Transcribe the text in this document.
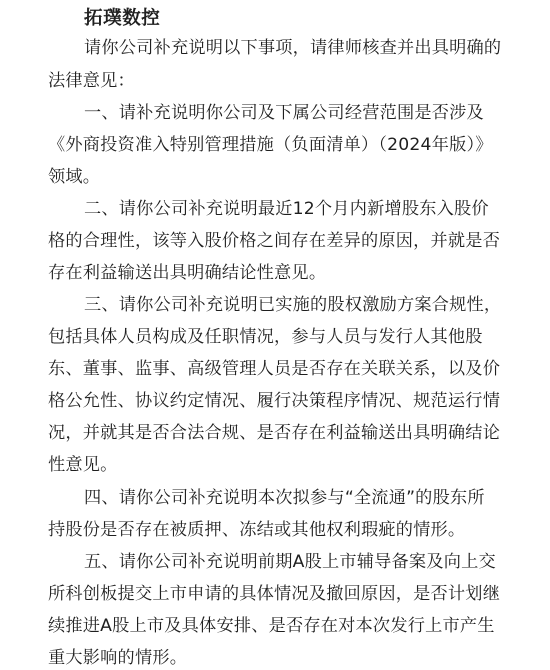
拓璞数控
请你公司补充说明以下事项，请律师核查并出具明确的
法律意见：
一、请补充说明你公司及下属公司经营范围是否涉及
《外商投资准入特别管理措施（负面清单）（2024年版）》
领域。
二、请你公司补充说明最近12个月内新增股东入股价
格的合理性，该等入股价格之间存在差异的原因，并就是否
存在利益输送出具明确结论性意见。
三、请你公司补充说明已实施的股权激励方案合规性，
包括具体人员构成及任职情况，参与人员与发行人其他股
东、董事、监事、高级管理人员是否存在关联关系，以及价
格公允性、协议约定情况、履行决策程序情况、规范运行情
况，并就其是否合法合规、是否存在利益输送出具明确结论
性意见。
四、请你公司补充说明本次拟参与“全流通”的股东所
持股份是否存在被质押、冻结或其他权利瑕疵的情形。
五、请你公司补充说明前期A股上市辅导备案及向上交
所科创板提交上市申请的具体情况及撤回原因，是否计划继
续推进A股上市及具体安排、是否存在对本次发行上市产生
重大影响的情形。
